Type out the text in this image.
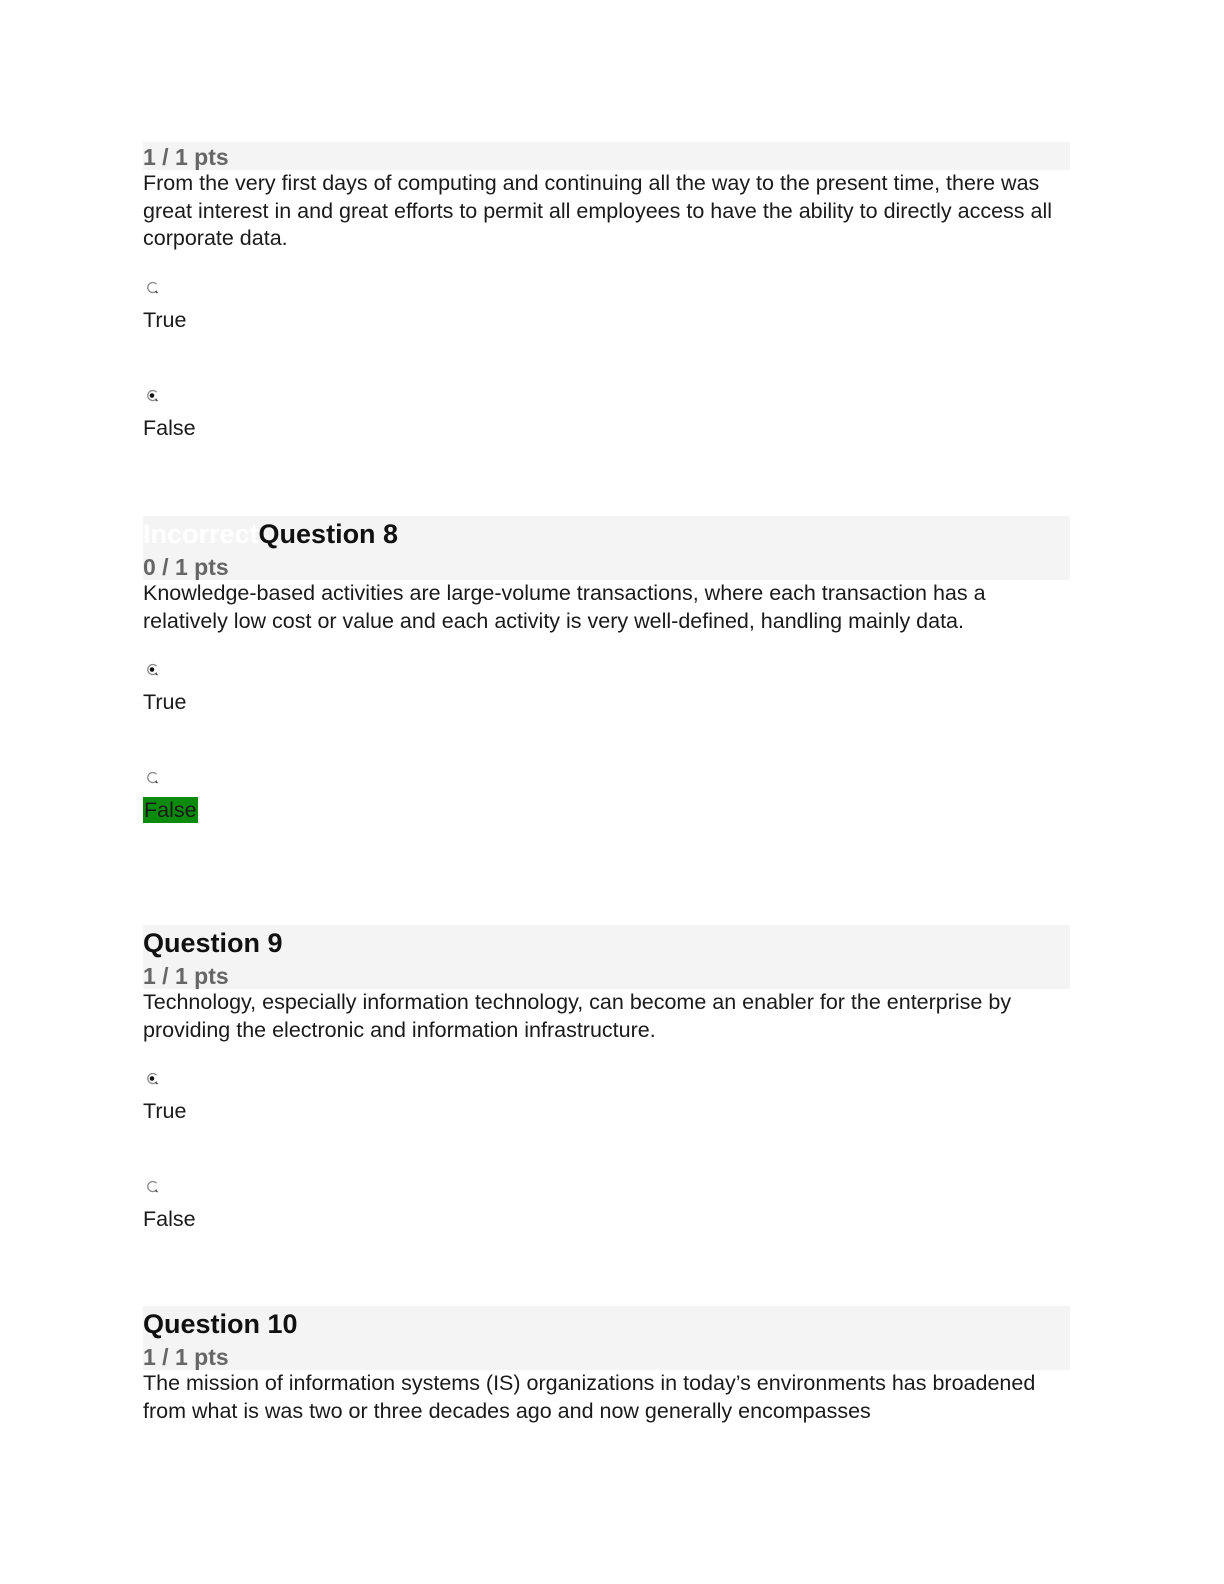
1 / 1 pts
From the very first days of computing and continuing all the way to the present time, there was great interest in and great efforts to permit all employees to have the ability to directly access all corporate data.
True
False
IncorrectQuestion 8
0 / 1 pts
Knowledge-based activities are large-volume transactions, where each transaction has a relatively low cost or value and each activity is very well-defined, handling mainly data.
True
False
Question 9
1 / 1 pts
Technology, especially information technology, can become an enabler for the enterprise by providing the electronic and information infrastructure.
True
False
Question 10
1 / 1 pts
The mission of information systems (IS) organizations in today’s environments has broadened from what is was two or three decades ago and now generally encompasses
